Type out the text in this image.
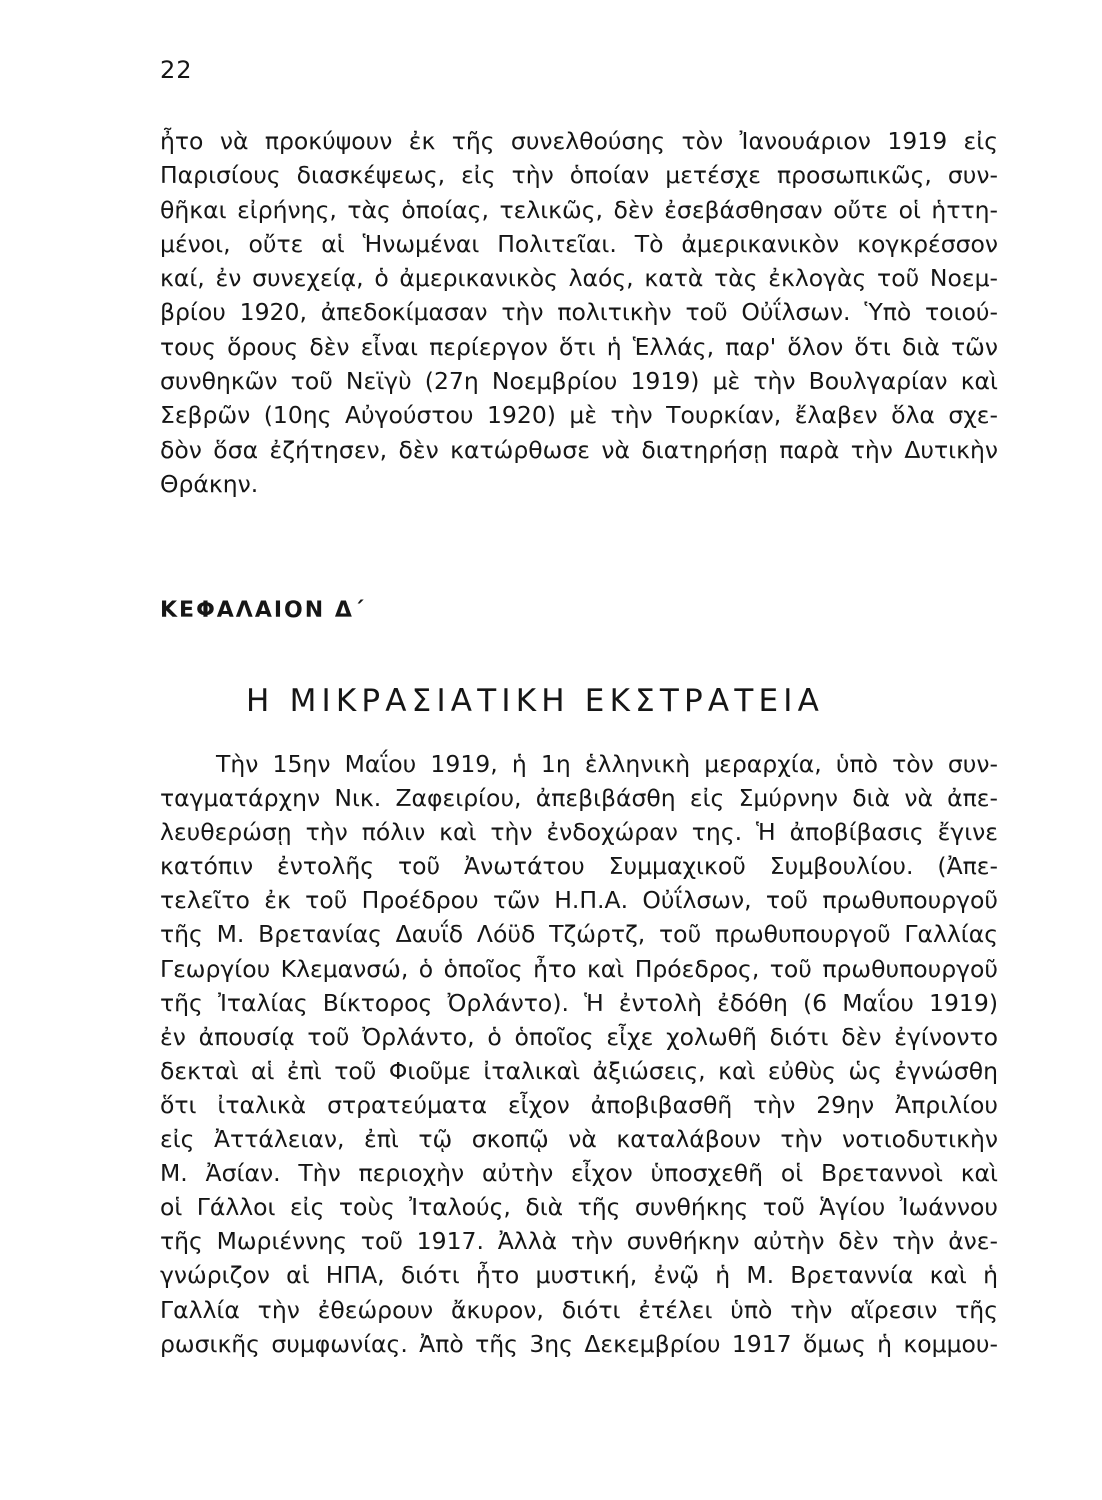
22
ἦτο νὰ προκύψουν ἐκ τῆς συνελθούσης τὸν Ἰανουάριον 1919 εἰς
Παρισίους διασκέψεως, εἰς τὴν ὁποίαν μετέσχε προσωπικῶς, συν-
θῆκαι εἰρήνης, τὰς ὁποίας, τελικῶς, δὲν ἐσεβάσθησαν οὔτε οἱ ἡττη-
μένοι, οὔτε αἱ Ἡνωμέναι Πολιτεῖαι. Τὸ ἀμερικανικὸν κογκρέσσον
καί, ἐν συνεχείᾳ, ὁ ἀμερικανικὸς λαός, κατὰ τὰς ἐκλογὰς τοῦ Νοεμ-
βρίου 1920, ἀπεδοκίμασαν τὴν πολιτικὴν τοῦ Οὐΐλσων. Ὑπὸ τοιού-
τους ὅρους δὲν εἶναι περίεργον ὅτι ἡ Ἑλλάς, παρ' ὅλον ὅτι διὰ τῶν
συνθηκῶν τοῦ Νεϊγὺ (27η Νοεμβρίου 1919) μὲ τὴν Βουλγαρίαν καὶ
Σεβρῶν (10ης Αὐγούστου 1920) μὲ τὴν Τουρκίαν, ἔλαβεν ὅλα σχε-
δὸν ὅσα ἐζήτησεν, δὲν κατώρθωσε νὰ διατηρήσῃ παρὰ τὴν Δυτικὴν
Θράκην.
ΚΕΦΑΛΑΙΟΝ Δ΄
Η ΜΙΚΡΑΣΙΑΤΙΚΗ ΕΚΣΤΡΑΤΕΙΑ
Τὴν 15ην Μαΐου 1919, ἡ 1η ἑλληνικὴ μεραρχία, ὑπὸ τὸν συν-
ταγματάρχην Νικ. Ζαφειρίου, ἀπεβιβάσθη εἰς Σμύρνην διὰ νὰ ἀπε-
λευθερώσῃ τὴν πόλιν καὶ τὴν ἐνδοχώραν της. Ἡ ἀποβίβασις ἔγινε
κατόπιν ἐντολῆς τοῦ Ἀνωτάτου Συμμαχικοῦ Συμβουλίου. (Ἀπε-
τελεῖτο ἐκ τοῦ Προέδρου τῶν Η.Π.Α. Οὐΐλσων, τοῦ πρωθυπουργοῦ
τῆς Μ. Βρετανίας Δαυΐδ Λόϋδ Τζώρτζ, τοῦ πρωθυπουργοῦ Γαλλίας
Γεωργίου Κλεμανσώ, ὁ ὁποῖος ἦτο καὶ Πρόεδρος, τοῦ πρωθυπουργοῦ
τῆς Ἰταλίας Βίκτορος Ὀρλάντο). Ἡ ἐντολὴ ἐδόθη (6 Μαΐου 1919)
ἐν ἀπουσίᾳ τοῦ Ὀρλάντο, ὁ ὁποῖος εἶχε χολωθῆ διότι δὲν ἐγίνοντο
δεκταὶ αἱ ἐπὶ τοῦ Φιοῦμε ἰταλικαὶ ἀξιώσεις, καὶ εὐθὺς ὡς ἐγνώσθη
ὅτι ἰταλικὰ στρατεύματα εἶχον ἀποβιβασθῆ τὴν 29ην Ἀπριλίου
εἰς Ἀττάλειαν, ἐπὶ τῷ σκοπῷ νὰ καταλάβουν τὴν νοτιοδυτικὴν
Μ. Ἀσίαν. Τὴν περιοχὴν αὐτὴν εἶχον ὑποσχεθῆ οἱ Βρεταννοὶ καὶ
οἱ Γάλλοι εἰς τοὺς Ἰταλούς, διὰ τῆς συνθήκης τοῦ Ἁγίου Ἰωάννου
τῆς Μωριέννης τοῦ 1917. Ἀλλὰ τὴν συνθήκην αὐτὴν δὲν τὴν ἀνε-
γνώριζον αἱ ΗΠΑ, διότι ἦτο μυστική, ἐνῷ ἡ Μ. Βρεταννία καὶ ἡ
Γαλλία τὴν ἐθεώρουν ἄκυρον, διότι ἐτέλει ὑπὸ τὴν αἵρεσιν τῆς
ρωσικῆς συμφωνίας. Ἀπὸ τῆς 3ης Δεκεμβρίου 1917 ὅμως ἡ κομμου-
